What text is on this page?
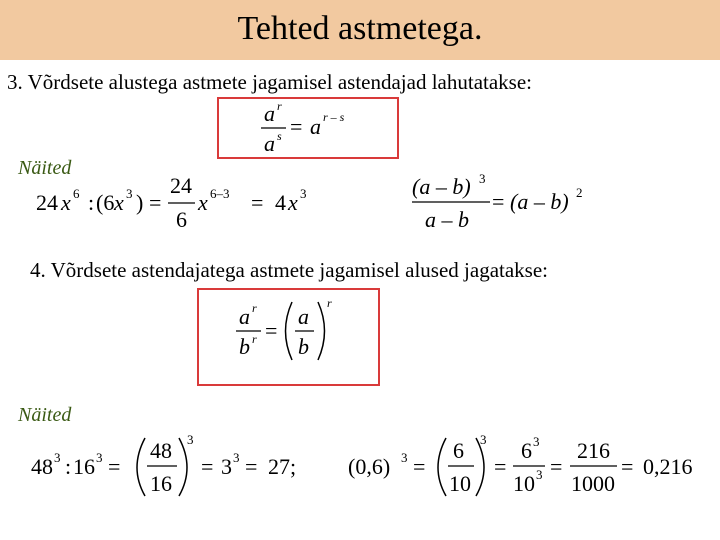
Tehted astmetega.
3. Võrdsete alustega astmete jagamisel astendajad lahutatakse:
a r
a s = a r – s
Näited
24 x 6 : (6 x 3 ) =
24
6
x 6–3 = 4 x 3	(a – b) 3
a – b
= (a – b) 2
4. Võrdsete astendajatega astmete jagamisel alused jagatakse:
a r
b r =
a
b
r
Näited
48 3 : 16 3 =
48
16
3
= 3 3 = 27; (0,6) 3 =
6
10
3
=
6 3
10 3 =
216
1000
= 0,216
